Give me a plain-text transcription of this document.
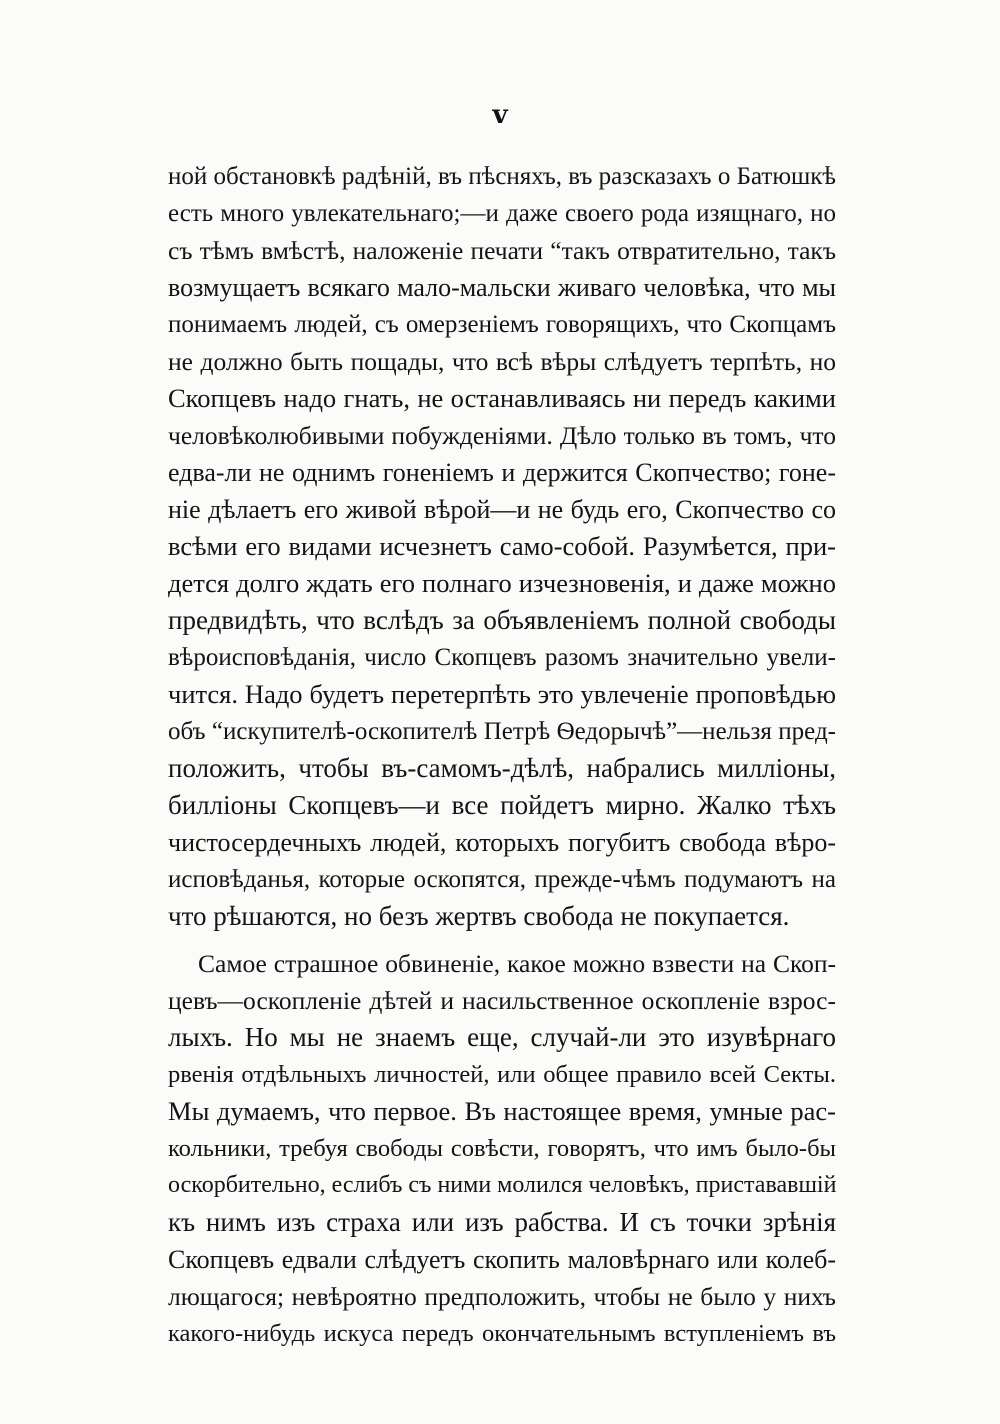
v
ной обстановкѣ радѣній, въ пѣсняхъ, въ разсказахъ о Батюшкѣ
есть много увлекательнаго;—и даже своего рода изящнаго, но
съ тѣмъ вмѣстѣ, наложеніе печати “такъ отвратительно, такъ
возмущаетъ всякаго мало-мальски живаго человѣка, что мы
понимаемъ людей, съ омерзеніемъ говорящихъ, что Скопцамъ
не должно быть пощады, что всѣ вѣры слѣдуетъ терпѣть, но
Скопцевъ надо гнать, не останавливаясь ни передъ какими
человѣколюбивыми побужденіями. Дѣло только въ томъ, что
едва-ли не однимъ гоненіемъ и держится Скопчество; гоне-
ніе дѣлаетъ его живой вѣрой—и не будь его, Скопчество со
всѣми его видами исчезнетъ само-собой. Разумѣется, при-
дется долго ждать его полнаго изчезновенія, и даже можно
предвидѣть, что вслѣдъ за объявленіемъ полной свободы
вѣроисповѣданія, число Скопцевъ разомъ значительно увели-
чится. Надо будетъ перетерпѣть это увлеченіе проповѣдью
объ “искупителѣ-оскопителѣ Петрѣ Ѳедорычѣ”—нельзя пред-
положить, чтобы въ-самомъ-дѣлѣ, набрались милліоны,
билліоны Скопцевъ—и все пойдетъ мирно. Жалко тѣхъ
чистосердечныхъ людей, которыхъ погубитъ свобода вѣро-
исповѣданья, которые оскопятся, прежде-чѣмъ подумаютъ на
что рѣшаются, но безъ жертвъ свобода не покупается.
Самое страшное обвиненіе, какое можно взвести на Скоп-
цевъ—оскопленіе дѣтей и насильственное оскопленіе взрос-
лыхъ. Но мы не знаемъ еще, случай-ли это изувѣрнаго
рвенія отдѣльныхъ личностей, или общее правило всей Секты.
Мы думаемъ, что первое. Въ настоящее время, умные рас-
кольники, требуя свободы совѣсти, говорятъ, что имъ было-бы
оскорбительно, еслибъ съ ними молился человѣкъ, пристававшій
къ нимъ изъ страха или изъ рабства. И съ точки зрѣнія
Скопцевъ едвали слѣдуетъ скопить маловѣрнаго или колеб-
лющагося; невѣроятно предположить, чтобы не было у нихъ
какого-нибудь искуса передъ окончательнымъ вступленіемъ въ
